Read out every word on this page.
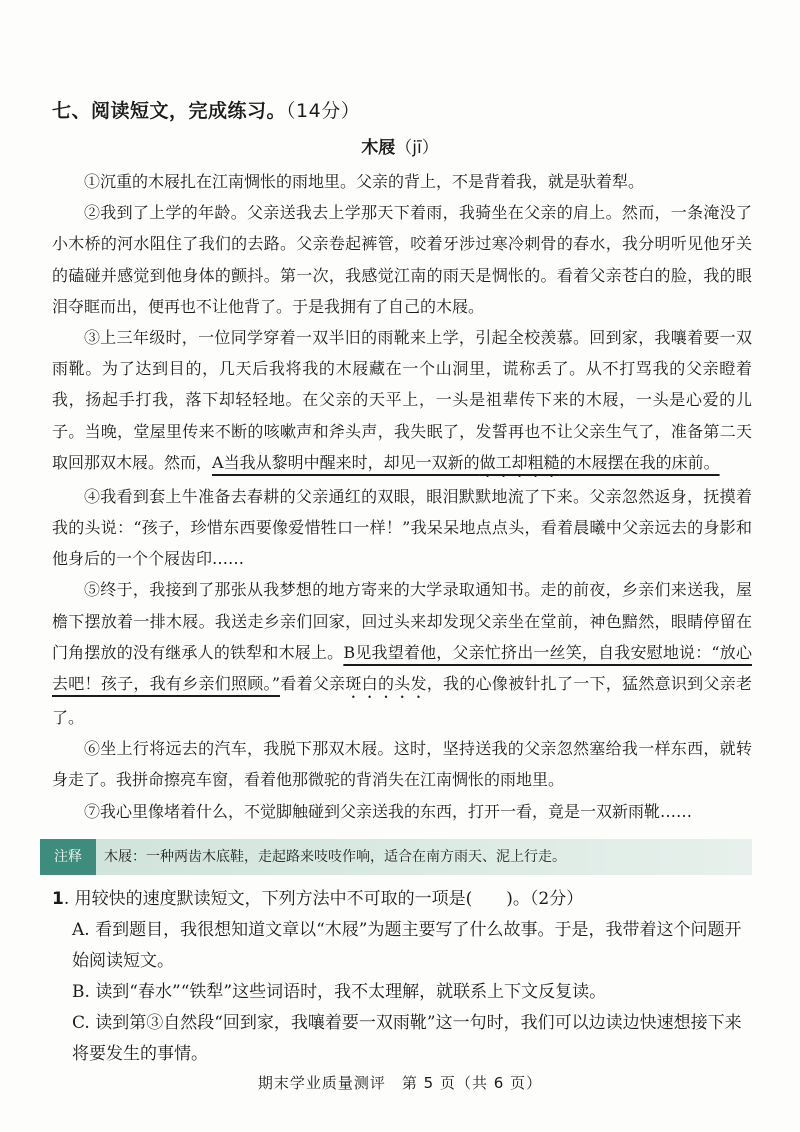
七、阅读短文，完成练习。（14分）
木屐（jī）

①沉重的木屐扎在江南惆怅的雨地里。父亲的背上，不是背着我，就是驮着犁。

②我到了上学的年龄。父亲送我去上学那天下着雨，我骑坐在父亲的肩上。然而，一条淹没了小木桥的河水阻住了我们的去路。父亲卷起裤管，咬着牙涉过寒冷刺骨的春水，我分明听见他牙关的磕碰并感觉到他身体的颤抖。第一次，我感觉江南的雨天是惆怅的。看着父亲苍白的脸，我的眼泪夺眶而出，便再也不让他背了。于是我拥有了自己的木屐。

③上三年级时，一位同学穿着一双半旧的雨靴来上学，引起全校羡慕。回到家，我嚷着要一双雨靴。为了达到目的，几天后我将我的木屐藏在一个山洞里，谎称丢了。从不打骂我的父亲瞪着我，扬起手打我，落下却轻轻地。在父亲的天平上，一头是祖辈传下来的木屐，一头是心爱的儿子。当晚，堂屋里传来不断的咳嗽声和斧头声，我失眠了，发誓再也不让父亲生气了，准备第二天取回那双木屐。然而，A当我从黎明中醒来时，却见一双新的做工却粗糙的木屐摆在我的床前。

④我看到套上牛准备去春耕的父亲通红的双眼，眼泪默默地流了下来。父亲忽然返身，抚摸着我的头说：“孩子，珍惜东西要像爱惜牲口一样！”我呆呆地点点头，看着晨曦中父亲远去的身影和他身后的一个个屐齿印……

⑤终于，我接到了那张从我梦想的地方寄来的大学录取通知书。走的前夜，乡亲们来送我，屋檐下摆放着一排木屐。我送走乡亲们回家，回过头来却发现父亲坐在堂前，神色黯然，眼睛停留在门角摆放的没有继承人的铁犁和木屐上。B见我望着他，父亲忙挤出一丝笑，自我安慰地说：“放心去吧！孩子，我有乡亲们照顾。”看着父亲斑白的头发，我的心像被针扎了一下，猛然意识到父亲老了。

⑥坐上行将远去的汽车，我脱下那双木屐。这时，坚持送我的父亲忽然塞给我一样东西，就转身走了。我拼命擦亮车窗，看着他那微驼的背消失在江南惆怅的雨地里。

⑦我心里像堵着什么，不觉脚触碰到父亲送我的东西，打开一看，竟是一双新雨靴……

注释	木屐：一种两齿木底鞋，走起路来吱吱作响，适合在南方雨天、泥上行走。

1. 用较快的速度默读短文，下列方法中不可取的一项是(　　)。（2分）

A. 看到题目，我很想知道文章以“木屐”为题主要写了什么故事。于是，我带着这个问题开始阅读短文。

B. 读到“春水”“铁犁”这些词语时，我不太理解，就联系上下文反复读。

C. 读到第③自然段“回到家，我嚷着要一双雨靴”这一句时，我们可以边读边快速想接下来将要发生的事情。

期末学业质量测评　第 5 页（共 6 页）
